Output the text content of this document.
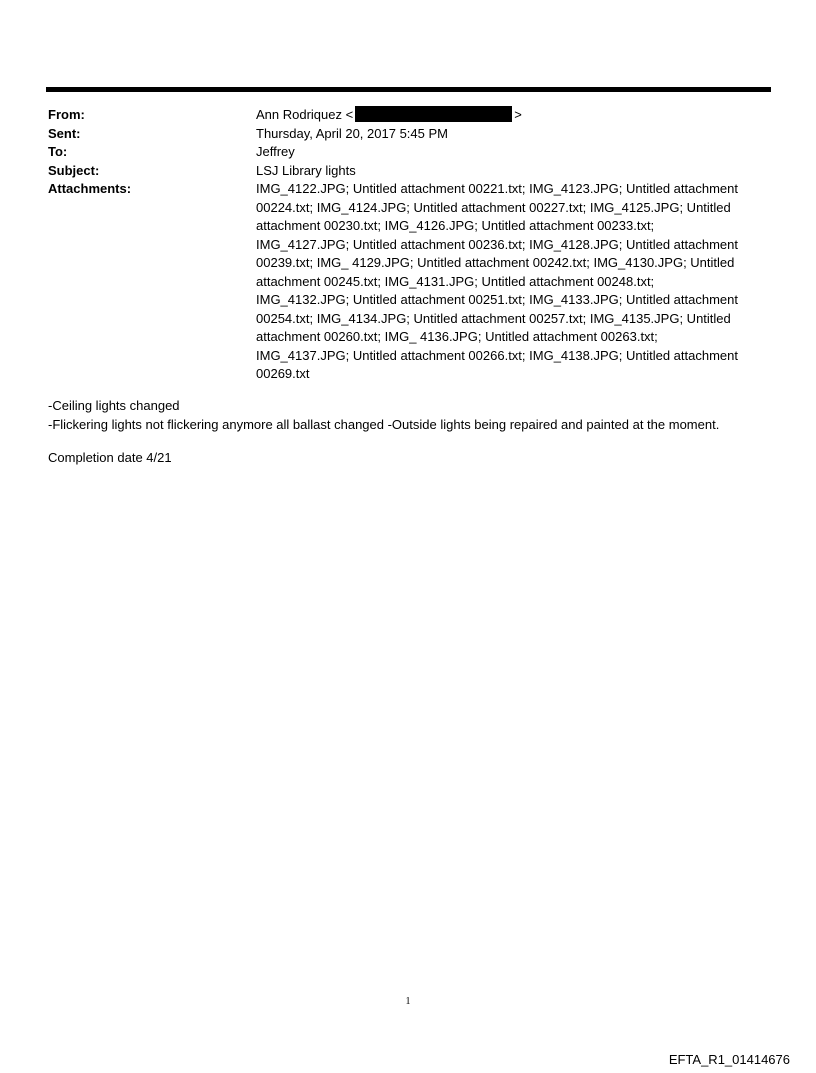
From:	Ann Rodriquez <	>
Sent:	Thursday, April 20, 2017 5:45 PM
To:	Jeffrey
Subject:	LSJ Library lights
Attachments:	IMG_4122.JPG; Untitled attachment 00221.txt; IMG_4123.JPG; Untitled attachment 00224.txt; IMG_4124.JPG; Untitled attachment 00227.txt; IMG_4125.JPG; Untitled attachment 00230.txt; IMG_4126.JPG; Untitled attachment 00233.txt; IMG_4127.JPG; Untitled attachment 00236.txt; IMG_4128.JPG; Untitled attachment 00239.txt; IMG_ 4129.JPG; Untitled attachment 00242.txt; IMG_4130.JPG; Untitled attachment 00245.txt; IMG_4131.JPG; Untitled attachment 00248.txt; IMG_4132.JPG; Untitled attachment 00251.txt; IMG_4133.JPG; Untitled attachment 00254.txt; IMG_4134.JPG; Untitled attachment 00257.txt; IMG_4135.JPG; Untitled attachment 00260.txt; IMG_ 4136.JPG; Untitled attachment 00263.txt; IMG_4137.JPG; Untitled attachment 00266.txt; IMG_4138.JPG; Untitled attachment 00269.txt

-Ceiling lights changed

-Flickering lights not flickering anymore all ballast changed -Outside lights being repaired and painted at the moment.

Completion date 4/21

1
EFTA_R1_01414676
